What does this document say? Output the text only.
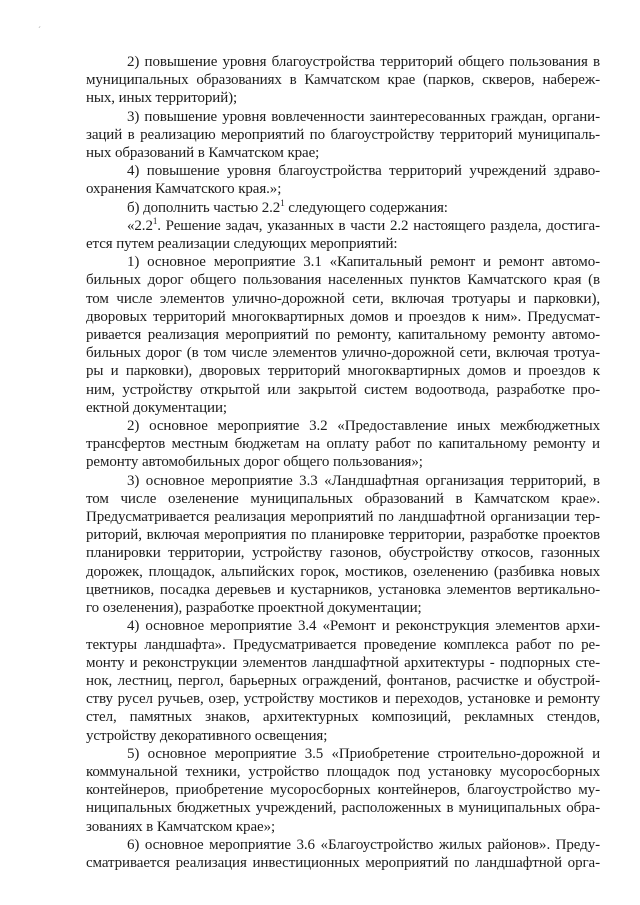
´
2) повышение уровня благоустройства территорий общего пользования в
муниципальных образованиях в Камчатском крае (парков, скверов, набереж-
ных, иных территорий);
3) повышение уровня вовлеченности заинтересованных граждан, органи-
заций в реализацию мероприятий по благоустройству территорий муниципаль-
ных образований в Камчатском крае;
4) повышение уровня благоустройства территорий учреждений здраво-
охранения Камчатского края.»;
б) дополнить частью $2.2^1$ следующего содержания:
«$2.2^1$. Решение задач, указанных в части 2.2 настоящего раздела, достига-
ется путем реализации следующих мероприятий:
1) основное мероприятие 3.1 «Капитальный ремонт и ремонт автомо-
бильных дорог общего пользования населенных пунктов Камчатского края (в
том числе элементов улично-дорожной сети, включая тротуары и парковки),
дворовых территорий многоквартирных домов и проездов к ним». Предусмат-
ривается реализация мероприятий по ремонту, капитальному ремонту автомо-
бильных дорог (в том числе элементов улично-дорожной сети, включая тротуа-
ры и парковки), дворовых территорий многоквартирных домов и проездов к
ним, устройству открытой или закрытой систем водоотвода, разработке про-
ектной документации;
2) основное мероприятие 3.2 «Предоставление иных межбюджетных
трансфертов местным бюджетам на оплату работ по капитальному ремонту и
ремонту автомобильных дорог общего пользования»;
3) основное мероприятие 3.3 «Ландшафтная организация территорий, в
том числе озеленение муниципальных образований в Камчатском крае».
Предусматривается реализация мероприятий по ландшафтной организации тер-
риторий, включая мероприятия по планировке территории, разработке проектов
планировки территории, устройству газонов, обустройству откосов, газонных
дорожек, площадок, альпийских горок, мостиков, озеленению (разбивка новых
цветников, посадка деревьев и кустарников, установка элементов вертикально-
го озеленения), разработке проектной документации;
4) основное мероприятие 3.4 «Ремонт и реконструкция элементов архи-
тектуры ландшафта». Предусматривается проведение комплекса работ по ре-
монту и реконструкции элементов ландшафтной архитектуры - подпорных сте-
нок, лестниц, пергол, барьерных ограждений, фонтанов, расчистке и обустрой-
ству русел ручьев, озер, устройству мостиков и переходов, установке и ремонту
стел, памятных знаков, архитектурных композиций, рекламных стендов,
устройству декоративного освещения;
5) основное мероприятие 3.5 «Приобретение строительно-дорожной и
коммунальной техники, устройство площадок под установку мусоросборных
контейнеров, приобретение мусоросборных контейнеров, благоустройство му-
ниципальных бюджетных учреждений, расположенных в муниципальных обра-
зованиях в Камчатском крае»;
6) основное мероприятие 3.6 «Благоустройство жилых районов». Преду-
сматривается реализация инвестиционных мероприятий по ландшафтной орга-
